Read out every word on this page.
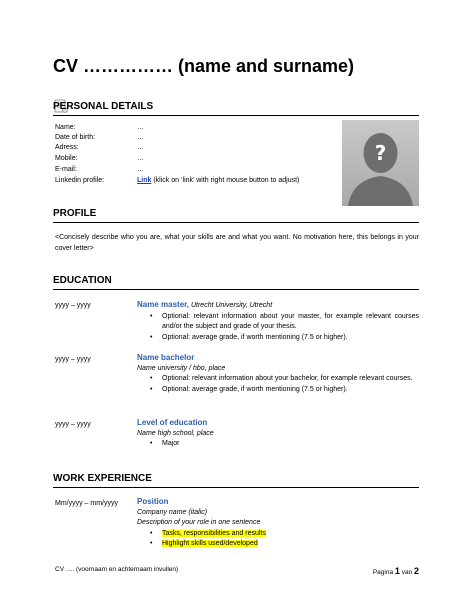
CV …………… (name and surname)
PERSONAL DETAILS
Name:	…
Date of birth:	…
Adress:	…
Mobile:	…
E-mail:	…
Linkedin profile:	Link (klick on ‘link’ with right mouse button to adjust)
?
PROFILE
<Concisely describe who you are, what your skills are and what you want. No motivation here, this belongs in your cover letter>
EDUCATION
yyyy – yyyy	Name master, Utrecht University, Utrecht
• Optional: relevant information about your master, for example relevant courses and/or the subject and grade of your thesis.
• Optional: average grade, if worth mentioning (7.5 or higher).
yyyy – yyyy	Name bachelor
Name university / hbo, place
• Optional: relevant information about your bachelor, for example relevant courses.
• Optional: average grade, if worth mentioning (7.5 or higher).
yyyy – yyyy	Level of education
Name high school, place
• Major
WORK EXPERIENCE
Mm/yyyy – mm/yyyy Position
Company name (italic)
Description of your role in one sentence
• Tasks, responsibilities and results
• Highlight skills used/developed
CV …. (voornaam en achternaam invullen)	Pagina 1 van 2
